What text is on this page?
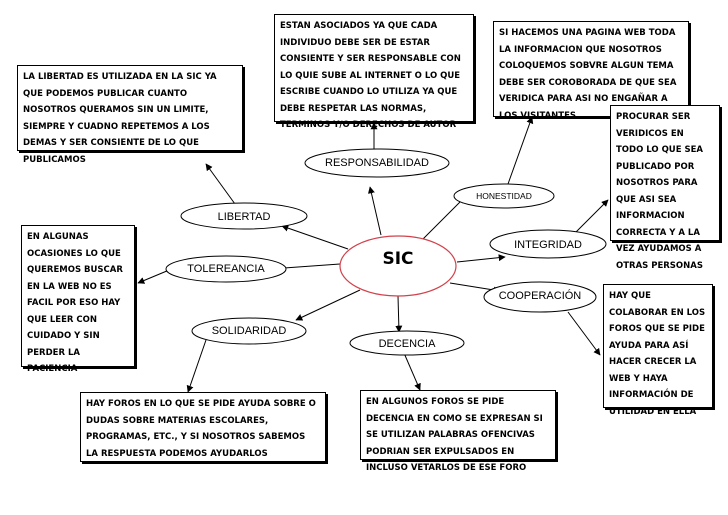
SIC
RESPONSABILIDAD
HONESTIDAD
LIBERTAD
INTEGRIDAD
TOLEREANCIA
COOPERACIÓN
SOLIDARIDAD
DECENCIA
ESTAN ASOCIADOS YA QUE CADA INDIVIDUO DEBE SER DE ESTAR CONSIENTE Y SER RESPONSABLE CON LO QUIE SUBE AL INTERNET O LO QUE ESCRIBE CUANDO LO UTILIZA YA QUE DEBE RESPETAR LAS NORMAS, TERMINOS Y/O DERECHOS DE AUTOR
SI HACEMOS UNA PAGINA WEB TODA LA INFORMACION QUE NOSOTROS COLOQUEMOS SOBVRE ALGUN TEMA DEBE SER COROBORADA DE QUE SEA VERIDICA PARA ASI NO ENGAÑAR A LOS VISITANTES
LA LIBERTAD ES UTILIZADA EN LA SIC YA QUE PODEMOS PUBLICAR CUANTO NOSOTROS QUERAMOS SIN UN LIMITE, SIEMPRE Y CUADNO REPETEMOS A LOS DEMAS Y SER CONSIENTE DE LO QUE PUBLICAMOS
PROCURAR SER VERIDICOS EN TODO LO QUE SEA PUBLICADO POR NOSOTROS PARA QUE ASI SEA INFORMACION CORRECTA Y A LA VEZ AYUDAMOS A OTRAS PERSONAS
EN ALGUNAS OCASIONES LO QUE QUEREMOS BUSCAR EN LA WEB NO ES FACIL POR ESO HAY QUE LEER CON CUIDADO Y SIN PERDER LA PACIENCIA
HAY QUE COLABORAR EN LOS FOROS QUE SE PIDE AYUDA PARA ASÍ HACER CRECER LA WEB Y HAYA INFORMACIÓN DE UTILIDAD EN ELLA
HAY FOROS EN LO QUE SE PIDE AYUDA SOBRE O DUDAS SOBRE MATERIAS ESCOLARES, PROGRAMAS, ETC., Y SI NOSOTROS SABEMOS LA RESPUESTA PODEMOS AYUDARLOS
EN ALGUNOS FOROS SE PIDE DECENCIA EN COMO SE EXPRESAN SI SE UTILIZAN PALABRAS OFENCIVAS PODRIAN SER EXPULSADOS EN INCLUSO VETARLOS DE ESE FORO
